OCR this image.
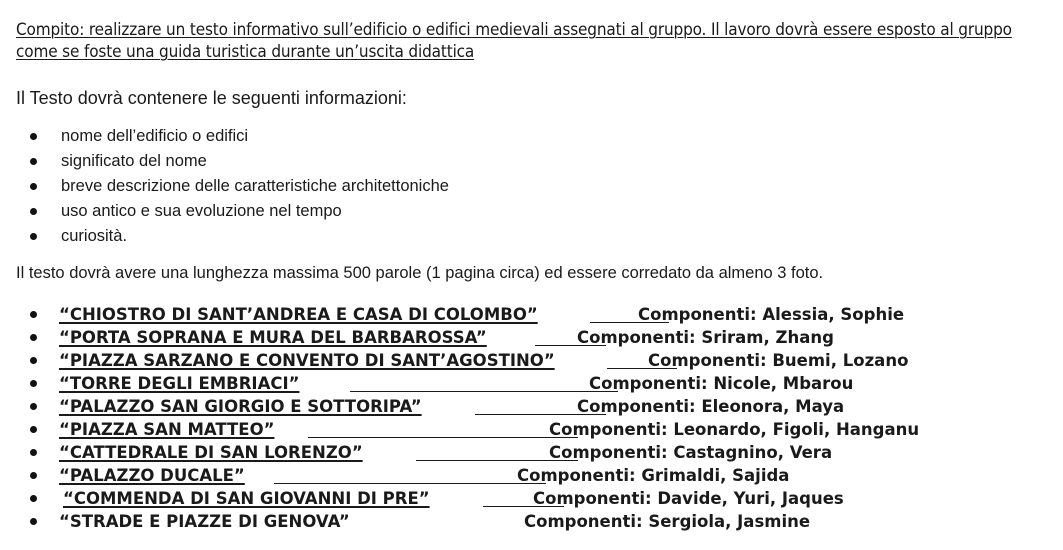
Compito: realizzare un testo informativo sull’edificio o edifici medievali assegnati al gruppo. Il lavoro dovrà essere esposto al gruppo come se foste una guida turistica durante un’uscita didattica
Il Testo dovrà contenere le seguenti informazioni:
nome dell’edificio o edifici
significato del nome
breve descrizione delle caratteristiche architettoniche
uso antico e sua evoluzione nel tempo
curiosità.
Il testo dovrà avere una lunghezza massima 500 parole (1 pagina circa) ed essere corredato da almeno 3 foto.
“CHIOSTRO DI SANT’ANDREA E CASA DI COLOMBO”	Componenti: Alessia, Sophie
“PORTA SOPRANA E MURA DEL BARBAROSSA”	Componenti: Sriram, Zhang
“PIAZZA SARZANO E CONVENTO DI SANT’AGOSTINO”	Componenti: Buemi, Lozano
“TORRE DEGLI EMBRIACI”	Componenti: Nicole, Mbarou
“PALAZZO SAN GIORGIO E SOTTORIPA”	Componenti: Eleonora, Maya
“PIAZZA SAN MATTEO”	Componenti: Leonardo, Figoli, Hanganu
“CATTEDRALE DI SAN LORENZO”	Componenti: Castagnino, Vera
“PALAZZO DUCALE”	Componenti: Grimaldi, Sajida
“COMMENDA DI SAN GIOVANNI DI PRE”	Componenti: Davide, Yuri, Jaques
“STRADE E PIAZZE DI GENOVA”	Componenti: Sergiola, Jasmine
